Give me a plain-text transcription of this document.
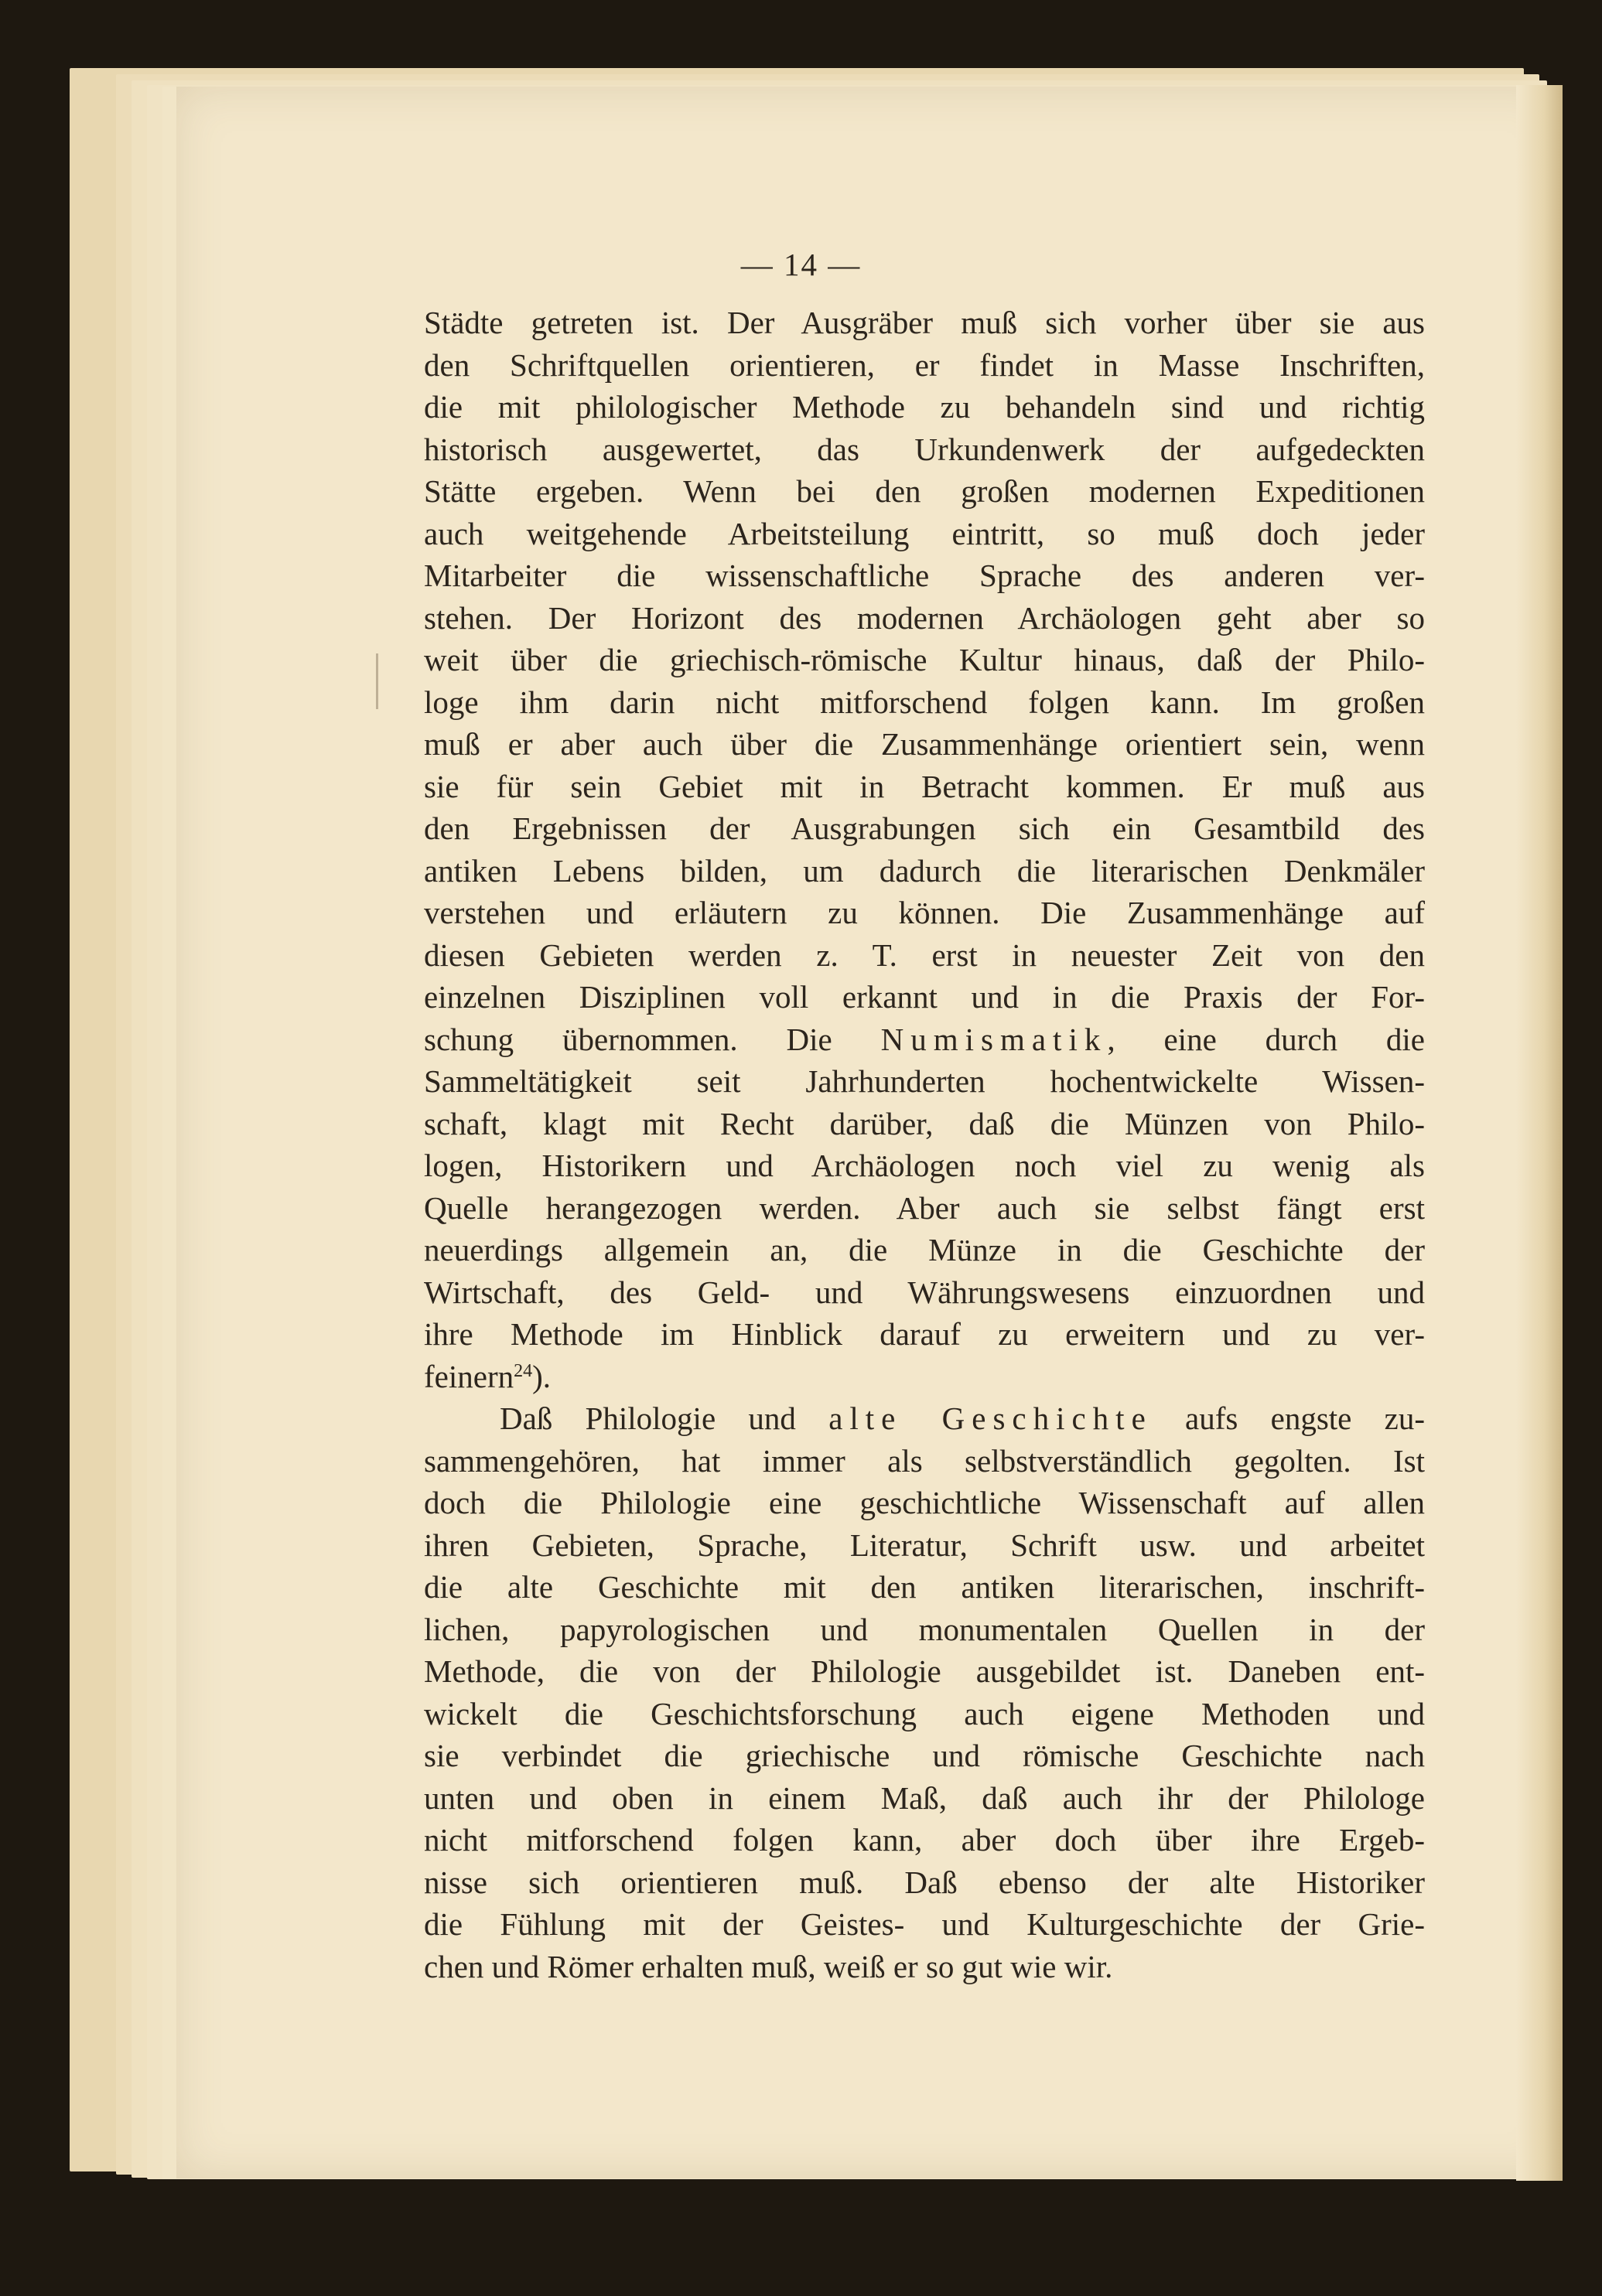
— 14 —
Städte getreten ist. Der Ausgräber muß sich vorher über sie aus
den Schriftquellen orientieren, er findet in Masse Inschriften,
die mit philologischer Methode zu behandeln sind und richtig
historisch ausgewertet, das Urkundenwerk der aufgedeckten
Stätte ergeben. Wenn bei den großen modernen Expeditionen
auch weitgehende Arbeitsteilung eintritt, so muß doch jeder
Mitarbeiter die wissenschaftliche Sprache des anderen ver-
stehen. Der Horizont des modernen Archäologen geht aber so
weit über die griechisch-römische Kultur hinaus, daß der Philo-
loge ihm darin nicht mitforschend folgen kann. Im großen
muß er aber auch über die Zusammenhänge orientiert sein, wenn
sie für sein Gebiet mit in Betracht kommen. Er muß aus
den Ergebnissen der Ausgrabungen sich ein Gesamtbild des
antiken Lebens bilden, um dadurch die literarischen Denkmäler
verstehen und erläutern zu können. Die Zusammenhänge auf
diesen Gebieten werden z. T. erst in neuester Zeit von den
einzelnen Disziplinen voll erkannt und in die Praxis der For-
schung übernommen. Die Numismatik, eine durch die
Sammeltätigkeit seit Jahrhunderten hochentwickelte Wissen-
schaft, klagt mit Recht darüber, daß die Münzen von Philo-
logen, Historikern und Archäologen noch viel zu wenig als
Quelle herangezogen werden. Aber auch sie selbst fängt erst
neuerdings allgemein an, die Münze in die Geschichte der
Wirtschaft, des Geld- und Währungswesens einzuordnen und
ihre Methode im Hinblick darauf zu erweitern und zu ver-
feinern$^{24}$).
Daß Philologie und alte Geschichte aufs engste zu-
sammengehören, hat immer als selbstverständlich gegolten. Ist
doch die Philologie eine geschichtliche Wissenschaft auf allen
ihren Gebieten, Sprache, Literatur, Schrift usw. und arbeitet
die alte Geschichte mit den antiken literarischen, inschrift-
lichen, papyrologischen und monumentalen Quellen in der
Methode, die von der Philologie ausgebildet ist. Daneben ent-
wickelt die Geschichtsforschung auch eigene Methoden und
sie verbindet die griechische und römische Geschichte nach
unten und oben in einem Maß, daß auch ihr der Philologe
nicht mitforschend folgen kann, aber doch über ihre Ergeb-
nisse sich orientieren muß. Daß ebenso der alte Historiker
die Fühlung mit der Geistes- und Kulturgeschichte der Grie-
chen und Römer erhalten muß, weiß er so gut wie wir.
